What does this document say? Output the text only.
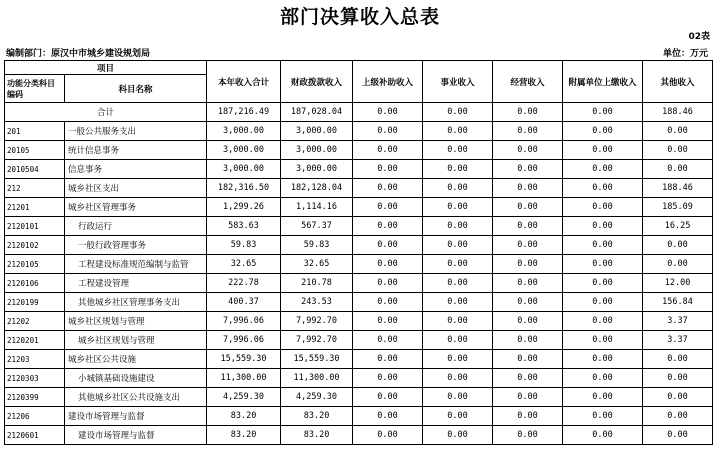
部门决算收入总表
02表
编制部门：原汉中市城乡建设规划局	单位：万元
项目		本年收入合计	财政拨款收入	上级补助收入	事业收入	经营收入	附属单位上缴收入	其他收入
功能分类科目编码	科目名称							
合计		187,216.49	187,028.04	0.00	0.00	0.00	0.00	188.46
201	一般公共服务支出	3,000.00	3,000.00	0.00	0.00	0.00	0.00	0.00
20105	统计信息事务	3,000.00	3,000.00	0.00	0.00	0.00	0.00	0.00
2010504	信息事务	3,000.00	3,000.00	0.00	0.00	0.00	0.00	0.00
212	城乡社区支出	182,316.50	182,128.04	0.00	0.00	0.00	0.00	188.46
21201	城乡社区管理事务	1,299.26	1,114.16	0.00	0.00	0.00	0.00	185.09
2120101	行政运行	583.63	567.37	0.00	0.00	0.00	0.00	16.25
2120102	一般行政管理事务	59.83	59.83	0.00	0.00	0.00	0.00	0.00
2120105	工程建设标准规范编制与监管	32.65	32.65	0.00	0.00	0.00	0.00	0.00
2120106	工程建设管理	222.78	210.78	0.00	0.00	0.00	0.00	12.00
2120199	其他城乡社区管理事务支出	400.37	243.53	0.00	0.00	0.00	0.00	156.84
21202	城乡社区规划与管理	7,996.06	7,992.70	0.00	0.00	0.00	0.00	3.37
2120201	城乡社区规划与管理	7,996.06	7,992.70	0.00	0.00	0.00	0.00	3.37
21203	城乡社区公共设施	15,559.30	15,559.30	0.00	0.00	0.00	0.00	0.00
2120303	小城镇基础设施建设	11,300.00	11,300.00	0.00	0.00	0.00	0.00	0.00
2120399	其他城乡社区公共设施支出	4,259.30	4,259.30	0.00	0.00	0.00	0.00	0.00
21206	建设市场管理与监督	83.20	83.20	0.00	0.00	0.00	0.00	0.00
2120601	建设市场管理与监督	83.20	83.20	0.00	0.00	0.00	0.00	0.00
